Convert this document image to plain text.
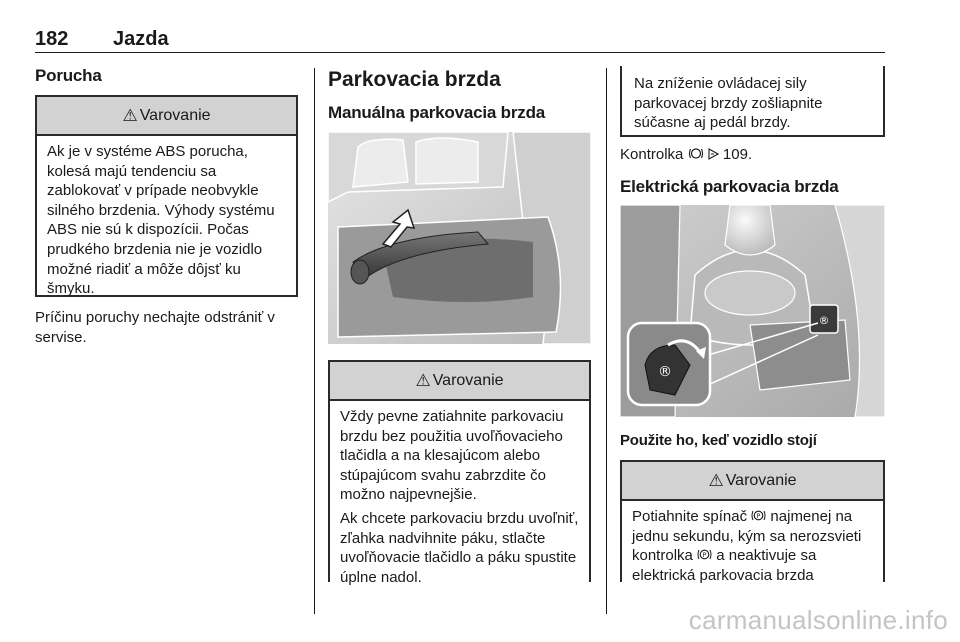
182 Jazda
Porucha
⚠ Varovanie

Ak je v systéme ABS porucha, kolesá majú tendenciu sa zablokovať v prípade neobvykle silného brzdenia. Výhody systému ABS nie sú k dispozícii. Počas prudkého brzdenia nie je vozidlo možné riadiť a môže dôjsť ku šmyku.

Príčinu poruchy nechajte odstrániť v servise.
Parkovacia brzda
Manuálna parkovacia brzda
⚠ Varovanie

Vždy pevne zatiahnite parkovaciu brzdu bez použitia uvoľňovacieho tlačidla a na klesajúcom alebo stúpajúcom svahu zabrzdite čo možno najpevnejšie.

Ak chcete parkovaciu brzdu uvoľniť, zľahka nadvihnite páku, stlačte uvoľňovacie tlačidlo a páku spustite úplne nadol.

Na zníženie ovládacej sily parkovacej brzdy zošliapnite súčasne aj pedál brzdy.
Kontrolka	109.
Elektrická parkovacia brzda
®
®
Použite ho, keď vozidlo stojí
⚠ Varovanie
Potiahnite spínač P najmenej na jednu sekundu, kým sa nerozsvieti kontrolka P a neaktivuje sa elektrická parkovacia brzda
carmanualsonline.info
